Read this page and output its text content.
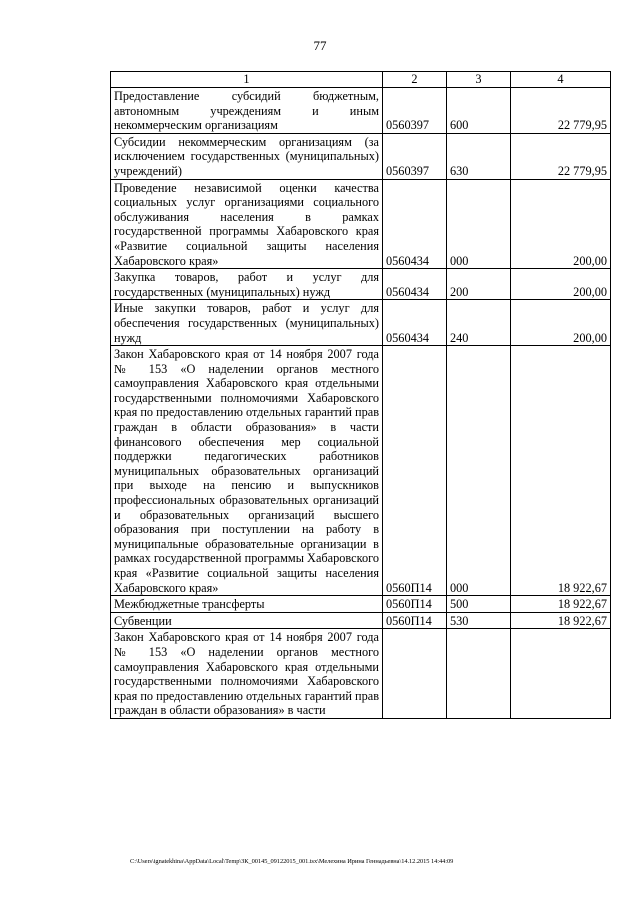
77
1	2	3	4

Предоставление субсидий бюджетным, автономным учреждениям и иным некоммерческим организациям	0560397	600	22 779,95

Субсидии некоммерческим организациям (за исключением государственных (муниципальных) учреждений)	0560397	630	22 779,95

Проведение независимой оценки качества социальных услуг организациями социального обслуживания населения в рамках государственной программы Хабаровского края «Развитие социальной защиты населения Хабаровского края»	0560434	000	200,00

Закупка товаров, работ и услуг для государственных (муниципальных) нужд	0560434	200	200,00

Иные закупки товаров, работ и услуг для обеспечения государственных (муниципальных) нужд	0560434	240	200,00

Закон Хабаровского края от 14 ноября 2007 года № 153 «О наделении органов местного самоуправления Хабаровского края отдельными государственными полномочиями Хабаровского края по предоставлению отдельных гарантий прав граждан в области образования» в части финансового обеспечения мер социальной поддержки педагогических работников муниципальных образовательных организаций при выходе на пенсию и выпускников профессиональных образовательных организаций и образовательных организаций высшего образования при поступлении на работу в муниципальные образовательные организации в рамках государственной программы Хабаровского края «Развитие социальной защиты населения Хабаровского края»	0560П14	000	18 922,67

Межбюджетные трансферты	0560П14	500	18 922,67

Субвенции	0560П14	530	18 922,67

Закон Хабаровского края от 14 ноября 2007 года № 153 «О наделении органов местного самоуправления Хабаровского края отдельными государственными полномочиями Хабаровского края по предоставлению отдельных гарантий прав граждан в области образования» в части			

C:\Users\ignatekhina\AppData\Local\Temp\ЗК_00145_09122015_001.tsx\Мелехина Ирина Геннадьевна\14.12.2015 14:44:09
